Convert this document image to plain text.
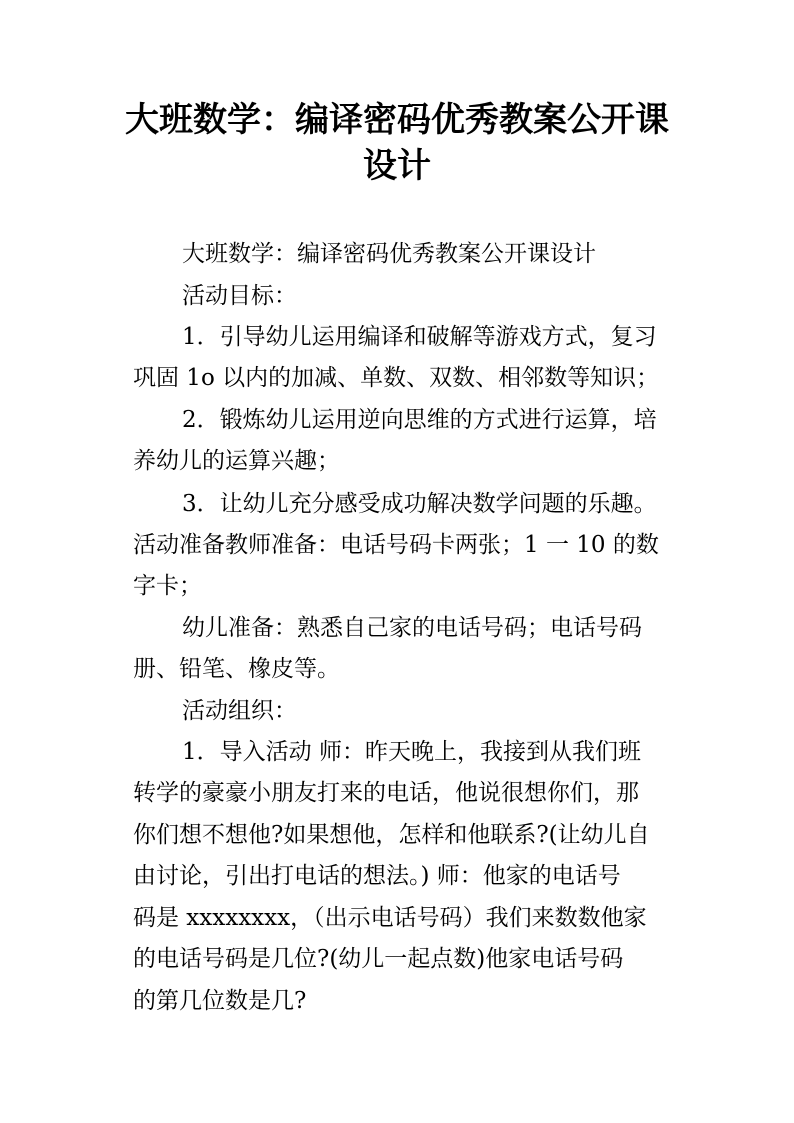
大班数学：编译密码优秀教案公开课
设计

大班数学：编译密码优秀教案公开课设计

活动目标：

1．引导幼儿运用编译和破解等游戏方式，复习

巩固 1o 以内的加减、单数、双数、相邻数等知识；

2．锻炼幼儿运用逆向思维的方式进行运算，培

养幼儿的运算兴趣；

3．让幼儿充分感受成功解决数学问题的乐趣。

活动准备教师准备：电话号码卡两张；1 一 10 的数

字卡；

幼儿准备：熟悉自己家的电话号码；电话号码

册、铅笔、橡皮等。

活动组织：

1．导入活动 师：昨天晚上，我接到从我们班

转学的豪豪小朋友打来的电话，他说很想你们，那

你们想不想他?如果想他，怎样和他联系?(让幼儿自

由讨论，引出打电话的想法。) 师：他家的电话号

码是 xxxxxxxx，（出示电话号码）我们来数数他家

的电话号码是几位?(幼儿一起点数)他家电话号码

的第几位数是几?
